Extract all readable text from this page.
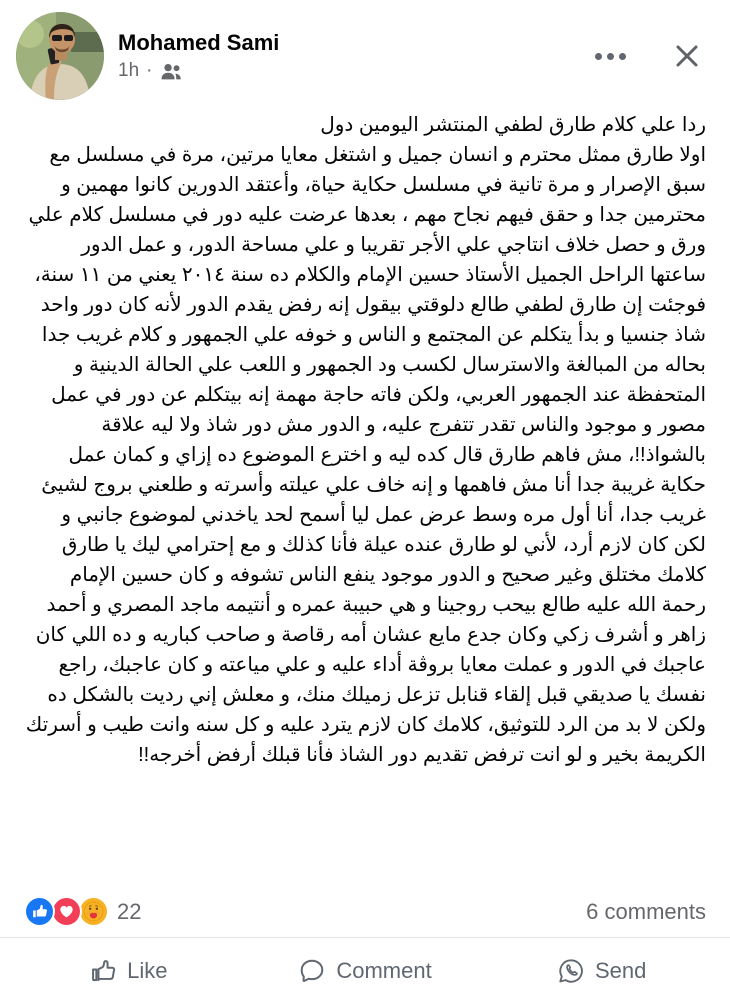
Mohamed Sami
1h ·

ردا علي كلام طارق لطفي المنتشر اليومين دول

اولا طارق ممثل محترم و انسان جميل و اشتغل معايا مرتين، مرة في مسلسل مع سبق الإصرار و مرة تانية في مسلسل حكاية حياة، وأعتقد الدورين كانوا مهمين و محترمين جدا و حقق فيهم نجاح مهم ، بعدها عرضت عليه دور في مسلسل كلام علي ورق و حصل خلاف انتاجي علي الأجر تقريبا و علي مساحة الدور، و عمل الدور ساعتها الراحل الجميل الأستاذ حسين الإمام والكلام ده سنة ٢٠١٤ يعني من ١١ سنة، فوجئت إن طارق لطفي طالع دلوقتي بيقول إنه رفض يقدم الدور لأنه كان دور واحد شاذ جنسيا و بدأ يتكلم عن المجتمع و الناس و خوفه علي الجمهور و كلام غريب جدا بحاله من المبالغة والاسترسال لكسب ود الجمهور و اللعب علي الحالة الدينية و المتحفظة عند الجمهور العربي، ولكن فاته حاجة مهمة إنه بيتكلم عن دور في عمل مصور و موجود والناس تقدر تتفرج عليه، و الدور مش دور شاذ ولا ليه علاقة بالشواذ!!، مش فاهم طارق قال كده ليه و اخترع الموضوع ده إزاي و كمان عمل حكاية غريبة جدا أنا مش فاهمها و إنه خاف علي عيلته وأسرته و طلعني بروج لشيئ غريب جدا، أنا أول مره وسط عرض عمل ليا أسمح لحد ياخدني لموضوع جانبي و لكن كان لازم أرد، لأني لو طارق عنده عيلة فأنا كذلك و مع إحترامي ليك يا طارق كلامك مختلق وغير صحيح و الدور موجود ينفع الناس تشوفه و كان حسين الإمام رحمة الله عليه طالع بيحب روجينا و هي حبيبة عمره و أنتيمه ماجد المصري و أحمد زاهر و أشرف زكي وكان جدع مايع عشان أمه رقاصة و صاحب كباريه و ده اللي كان عاجبك في الدور و عملت معايا بروڤة أداء عليه و علي مياعته و كان عاجبك، راجع نفسك يا صديقي قبل إلقاء قنابل تزعل زميلك منك، و معلش إني رديت بالشكل ده ولكن لا بد من الرد للتوثيق، كلامك كان لازم يترد عليه و كل سنه وانت طيب و أسرتك الكريمة بخير و لو انت ترفض تقديم دور الشاذ فأنا قبلك أرفض أخرجه!!

22	6 comments
Like	Comment	Send
